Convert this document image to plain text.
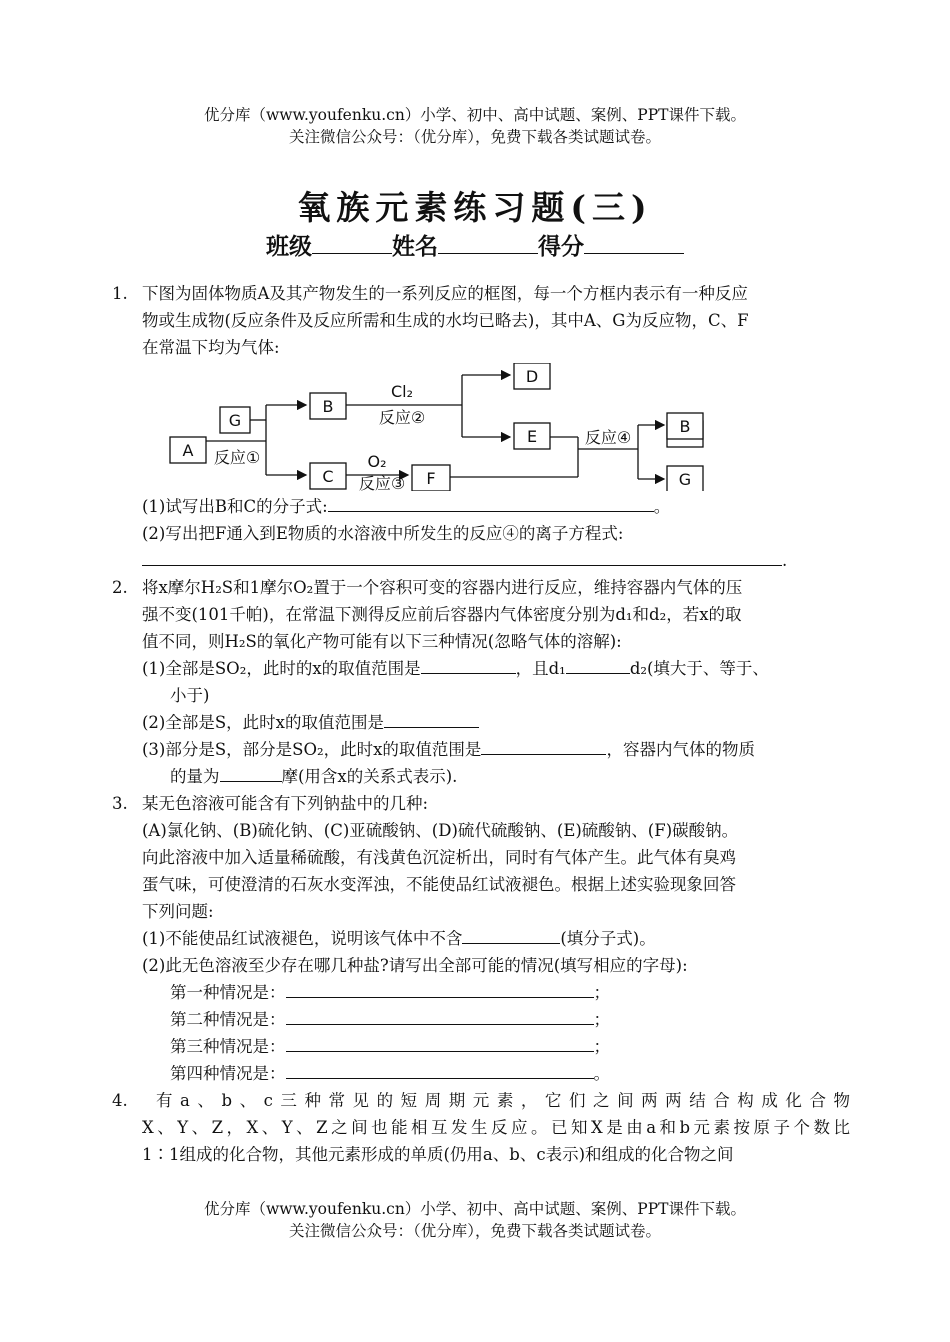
优分库（www.youfenku.cn）小学、初中、高中试题、案例、PPT课件下载。
关注微信公众号：（优分库），免费下载各类试题试卷。
氧族元素练习题(三)
班级	姓名	得分
1. 下图为固体物质A及其产物发生的一系列反应的框图，每一个方框内表示有一种反应
物或生成物(反应条件及反应所需和生成的水均已略去)，其中A、G为反应物，C、F
在常温下均为气体:
A
G
B
C	F
D
E
B
G
反应①
Cl₂
反应②
O₂
反应③
反应④
(1)试写出B和C的分子式:	。
(2)写出把F通入到E物质的水溶液中所发生的反应④的离子方程式:
.
2. 将x摩尔H₂S和1摩尔O₂置于一个容积可变的容器内进行反应，维持容器内气体的压
强不变(101千帕)，在常温下测得反应前后容器内气体密度分别为d₁和d₂，若x的取
值不同，则H₂S的氧化产物可能有以下三种情况(忽略气体的溶解):
(1)全部是SO₂，此时的x的取值范围是	，且d₁	d₂(填大于、等于、
小于)
(2)全部是S，此时x的取值范围是
(3)部分是S，部分是SO₂，此时x的取值范围是	，容器内气体的物质
的量为	摩(用含x的关系式表示).
3. 某无色溶液可能含有下列钠盐中的几种:
(A)氯化钠、(B)硫化钠、(C)亚硫酸钠、(D)硫代硫酸钠、(E)硫酸钠、(F)碳酸钠。
向此溶液中加入适量稀硫酸，有浅黄色沉淀析出，同时有气体产生。此气体有臭鸡
蛋气味，可使澄清的石灰水变浑浊，不能使品红试液褪色。根据上述实验现象回答
下列问题:
(1)不能使品红试液褪色，说明该气体中不含	(填分子式)。
(2)此无色溶液至少存在哪几种盐?请写出全部可能的情况(填写相应的字母):
第一种情况是：	；
第二种情况是：	；
第三种情况是：	；
第四种情况是：	。
4.	有a、b、c三种常见的短周期元素，它们之间两两结合构成化合物
X、Y、Z，X、Y、Z之间也能相互发生反应。已知X是由a和b元素按原子个数比
1∶1组成的化合物，其他元素形成的单质(仍用a、b、c表示)和组成的化合物之间
优分库（www.youfenku.cn）小学、初中、高中试题、案例、PPT课件下载。
关注微信公众号：（优分库），免费下载各类试题试卷。
